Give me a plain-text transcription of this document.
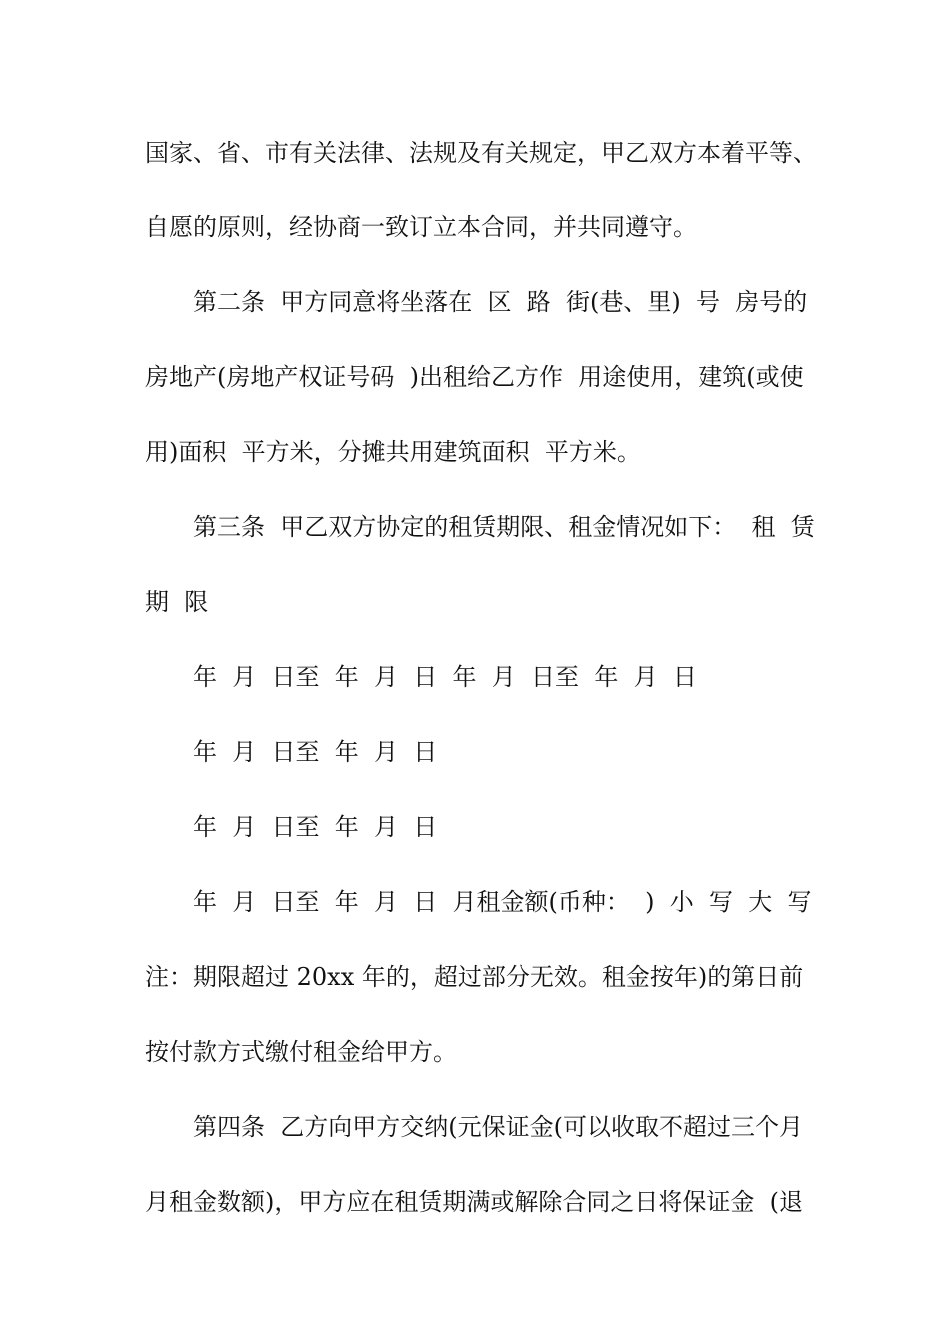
国家、省、市有关法律、法规及有关规定，甲乙双方本着平等、
自愿的原则，经协商一致订立本合同，并共同遵守。
第二条  甲方同意将坐落在  区  路  街(巷、里)  号  房号的
房地产(房地产权证号码  )出租给乙方作  用途使用，建筑(或使
用)面积  平方米，分摊共用建筑面积  平方米。
第三条  甲乙双方协定的租赁期限、租金情况如下：  租  赁
期  限
年  月  日至  年  月  日  年  月  日至  年  月  日
年  月  日至  年  月  日
年  月  日至  年  月  日
年  月  日至  年  月  日  月租金额(币种：  )  小  写  大  写
注：期限超过 20xx 年的，超过部分无效。租金按年)的第日前
按付款方式缴付租金给甲方。
第四条  乙方向甲方交纳(元保证金(可以收取不超过三个月
月租金数额)，甲方应在租赁期满或解除合同之日将保证金  (退
